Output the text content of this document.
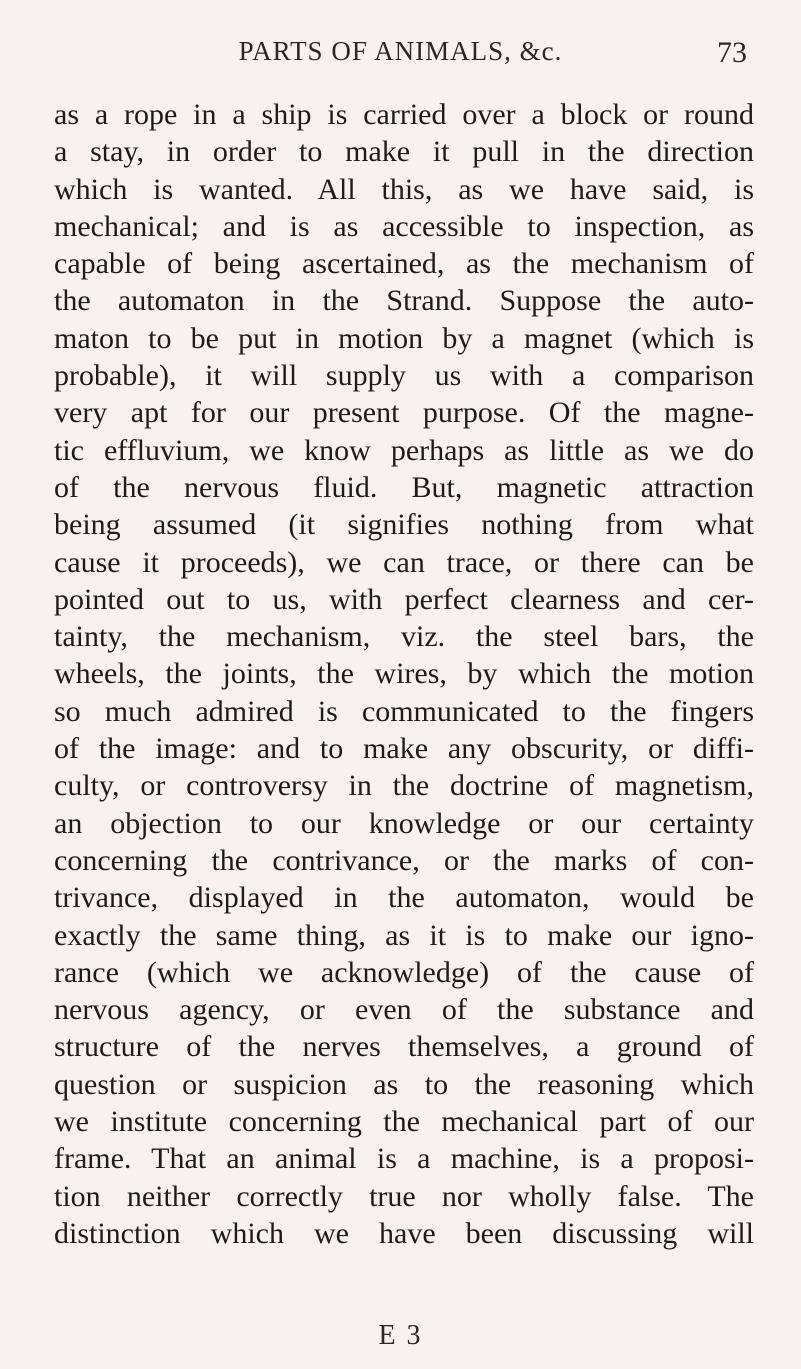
PARTS OF ANIMALS, &c.	73
as a rope in a ship is carried over a block or round
a stay, in order to make it pull in the direction
which is wanted. All this, as we have said, is
mechanical; and is as accessible to inspection, as
capable of being ascertained, as the mechanism of
the automaton in the Strand. Suppose the auto-
maton to be put in motion by a magnet (which is
probable), it will supply us with a comparison
very apt for our present purpose. Of the magne-
tic effluvium, we know perhaps as little as we do
of the nervous fluid. But, magnetic attraction
being assumed (it signifies nothing from what
cause it proceeds), we can trace, or there can be
pointed out to us, with perfect clearness and cer-
tainty, the mechanism, viz. the steel bars, the
wheels, the joints, the wires, by which the motion
so much admired is communicated to the fingers
of the image: and to make any obscurity, or diffi-
culty, or controversy in the doctrine of magnetism,
an objection to our knowledge or our certainty
concerning the contrivance, or the marks of con-
trivance, displayed in the automaton, would be
exactly the same thing, as it is to make our igno-
rance (which we acknowledge) of the cause of
nervous agency, or even of the substance and
structure of the nerves themselves, a ground of
question or suspicion as to the reasoning which
we institute concerning the mechanical part of our
frame. That an animal is a machine, is a proposi-
tion neither correctly true nor wholly false. The
distinction which we have been discussing will
E 3
